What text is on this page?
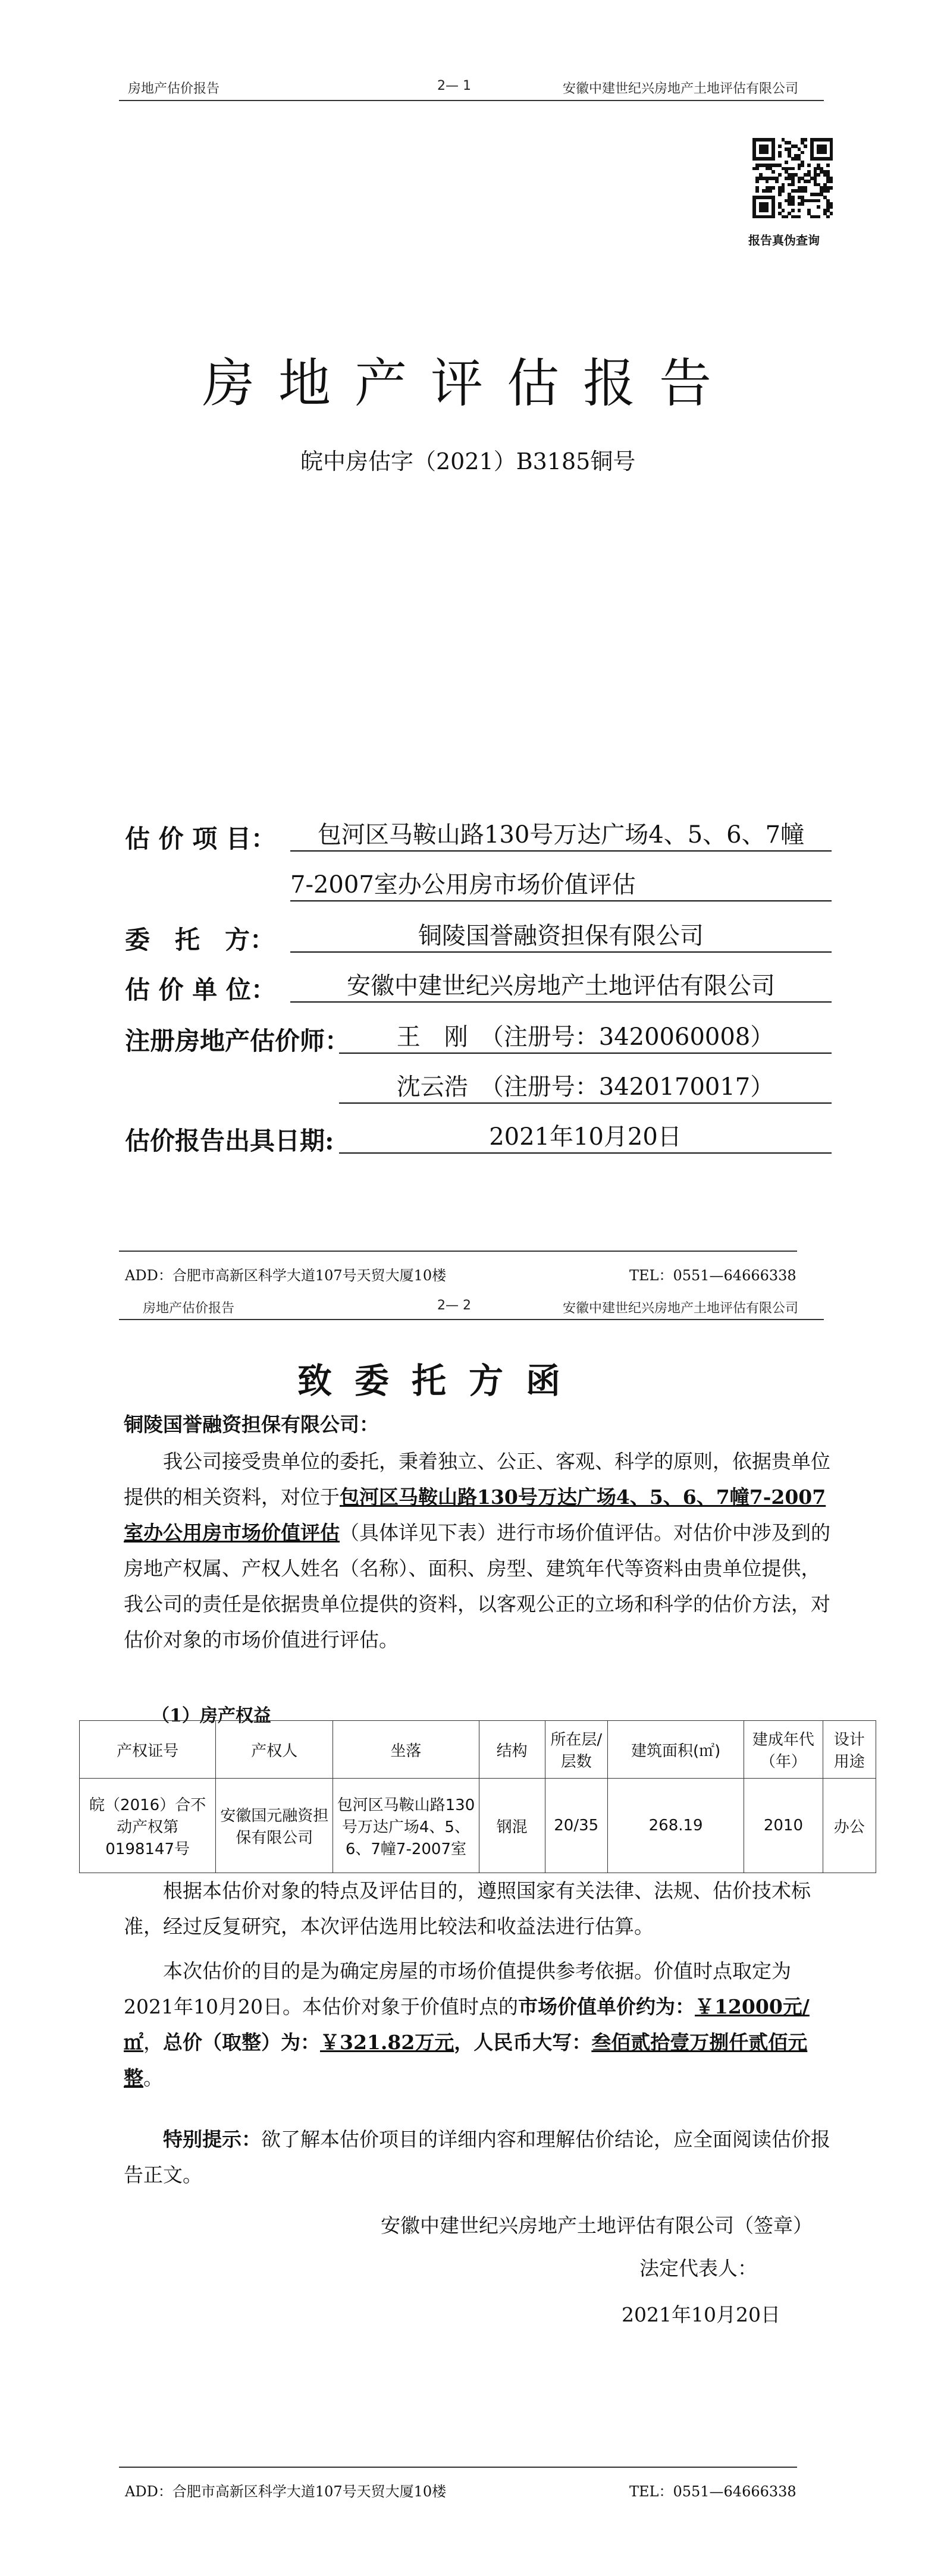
房地产估价报告	2— 1	安徽中建世纪兴房地产土地评估有限公司
报告真伪查询
房地产评估报告
皖中房估字（2021）B3185铜号
估 价 项 目：	包河区马鞍山路130号万达广场4、5、6、7幢
7-2007室办公用房市场价值评估
委　托　方：	铜陵国誉融资担保有限公司
估 价 单 位：	安徽中建世纪兴房地产土地评估有限公司
注册房地产估价师：	王　刚　（注册号：3420060008）
沈云浩　（注册号：3420170017）
估价报告出具日期:	2021年10月20日
ADD：合肥市高新区科学大道107号天贸大厦10楼	TEL：0551—64666338
房地产估价报告	2— 2	安徽中建世纪兴房地产土地评估有限公司
致委托方函
铜陵国誉融资担保有限公司：
我公司接受贵单位的委托，秉着独立、公正、客观、科学的原则，依据贵单位提供的相关资料，对位于包河区马鞍山路130号万达广场4、5、6、7幢7-2007室办公用房市场价值评估（具体详见下表）进行市场价值评估。对估价中涉及到的房地产权属、产权人姓名（名称）、面积、房型、建筑年代等资料由贵单位提供，我公司的责任是依据贵单位提供的资料，以客观公正的立场和科学的估价方法，对估价对象的市场价值进行评估。
（1）房产权益
产权证号	产权人	坐落	结构	所在层/层数	建筑面积(㎡)	建成年代（年）	设计用途
皖（2016）合不动产权第0198147号	安徽国元融资担保有限公司	包河区马鞍山路130号万达广场4、5、6、7幢7-2007室	钢混	20/35	268.19	2010	办公
根据本估价对象的特点及评估目的，遵照国家有关法律、法规、估价技术标准，经过反复研究，本次评估选用比较法和收益法进行估算。
本次估价的目的是为确定房屋的市场价值提供参考依据。价值时点取定为2021年10月20日。本估价对象于价值时点的市场价值单价约为：￥12000元/㎡，总价（取整）为：￥321.82万元，人民币大写：叁佰贰拾壹万捌仟贰佰元整。
特别提示：欲了解本估价项目的详细内容和理解估价结论，应全面阅读估价报告正文。
安徽中建世纪兴房地产土地评估有限公司（签章）
法定代表人：
2021年10月20日
ADD：合肥市高新区科学大道107号天贸大厦10楼	TEL：0551—64666338
